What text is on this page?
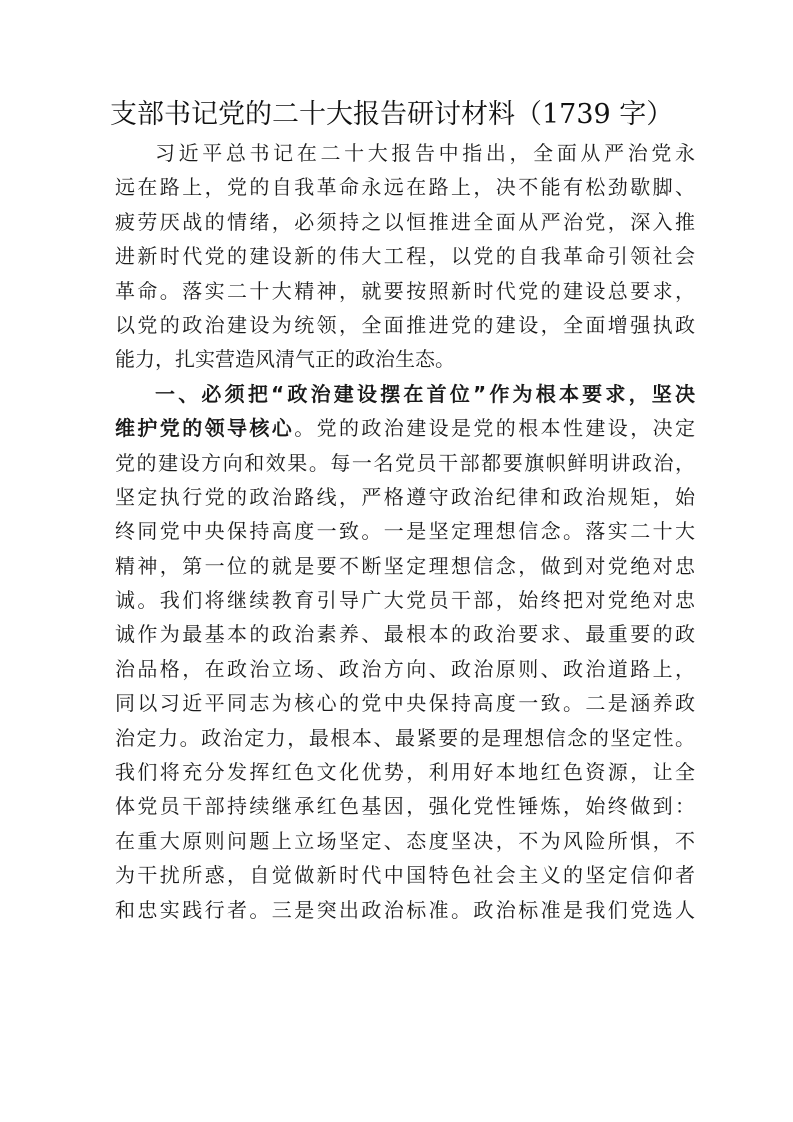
支部书记党的二十大报告研讨材料（1739 字）
习近平总书记在二十大报告中指出，全面从严治党永
远在路上，党的自我革命永远在路上，决不能有松劲歇脚、
疲劳厌战的情绪，必须持之以恒推进全面从严治党，深入推
进新时代党的建设新的伟大工程，以党的自我革命引领社会
革命。落实二十大精神，就要按照新时代党的建设总要求，
以党的政治建设为统领，全面推进党的建设，全面增强执政
能力，扎实营造风清气正的政治生态。
一、必须把“政治建设摆在首位”作为根本要求，坚决
维护党的领导核心。党的政治建设是党的根本性建设，决定
党的建设方向和效果。每一名党员干部都要旗帜鲜明讲政治，
坚定执行党的政治路线，严格遵守政治纪律和政治规矩，始
终同党中央保持高度一致。一是坚定理想信念。落实二十大
精神，第一位的就是要不断坚定理想信念，做到对党绝对忠
诚。我们将继续教育引导广大党员干部，始终把对党绝对忠
诚作为最基本的政治素养、最根本的政治要求、最重要的政
治品格，在政治立场、政治方向、政治原则、政治道路上，
同以习近平同志为核心的党中央保持高度一致。二是涵养政
治定力。政治定力，最根本、最紧要的是理想信念的坚定性。
我们将充分发挥红色文化优势，利用好本地红色资源，让全
体党员干部持续继承红色基因，强化党性锤炼，始终做到：
在重大原则问题上立场坚定、态度坚决，不为风险所惧，不
为干扰所惑，自觉做新时代中国特色社会主义的坚定信仰者
和忠实践行者。三是突出政治标准。政治标准是我们党选人
